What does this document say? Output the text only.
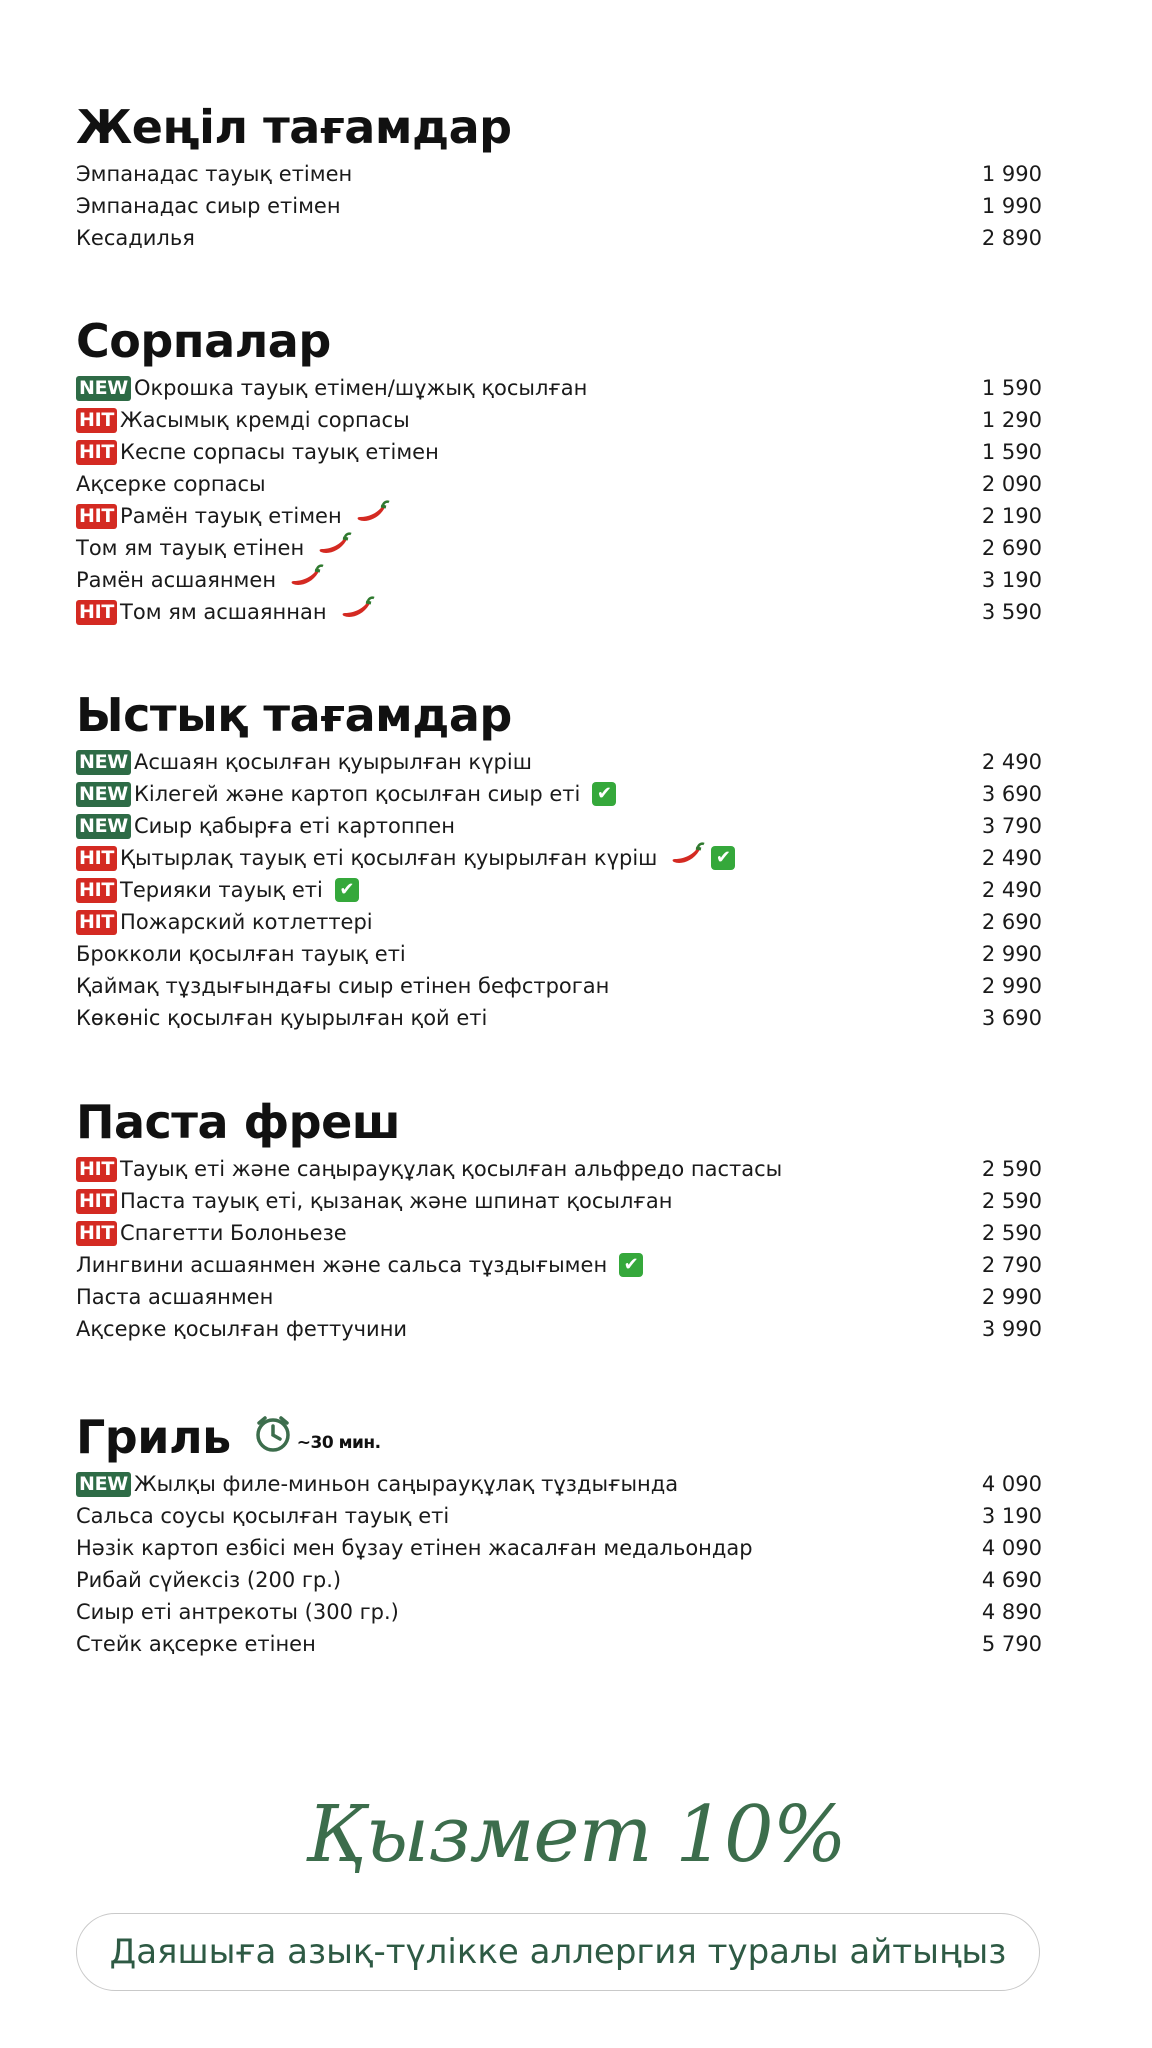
Жеңіл тағамдар
Эмпанадас тауық етімен	1 990
Эмпанадас сиыр етімен	1 990
Кесадилья	2 890
Сорпалар
NEW Окрошка тауық етімен/шұжық қосылған	1 590
HIT Жасымық кремді сорпасы	1 290
HIT Кеспе сорпасы тауық етімен	1 590
Ақсерке сорпасы	2 090
HIT Рамён тауық етімен	2 190
Том ям тауық етінен	2 690
Рамён асшаянмен	3 190
HIT Том ям асшаяннан	3 590
Ыстық тағамдар
NEW Асшаян қосылған қуырылған күріш	2 490
NEW Кілегей және картоп қосылған сиыр еті ✔	3 690
NEW Сиыр қабырға еті картоппен	3 790
HIT Қытырлақ тауық еті қосылған қуырылған күріш	✔	2 490
HIT Терияки тауық еті ✔	2 490
HIT Пожарский котлеттері	2 690
Брокколи қосылған тауық еті	2 990
Қаймақ тұздығындағы сиыр етінен бефстроган	2 990
Көкөніс қосылған қуырылған қой еті	3 690
Паста фреш
HIT Тауық еті және саңырауқұлақ қосылған альфредо пастасы	2 590
HIT Паста тауық еті, қызанақ және шпинат қосылған	2 590
HIT Спагетти Болоньезе	2 590
Лингвини асшаянмен және сальса тұздығымен ✔	2 790
Паста асшаянмен	2 990
Ақсерке қосылған феттучини	3 990
Гриль	~30 мин.
NEW Жылқы филе-миньон саңырауқұлақ тұздығында	4 090
Сальса соусы қосылған тауық еті	3 190
Нәзік картоп езбісі мен бұзау етінен жасалған медальондар	4 090
Рибай сүйексіз (200 гр.)	4 690
Сиыр еті антрекоты (300 гр.)	4 890
Стейк ақсерке етінен	5 790
Қызмет 10%
Даяшыға азық-түлікке аллергия туралы айтыңыз
